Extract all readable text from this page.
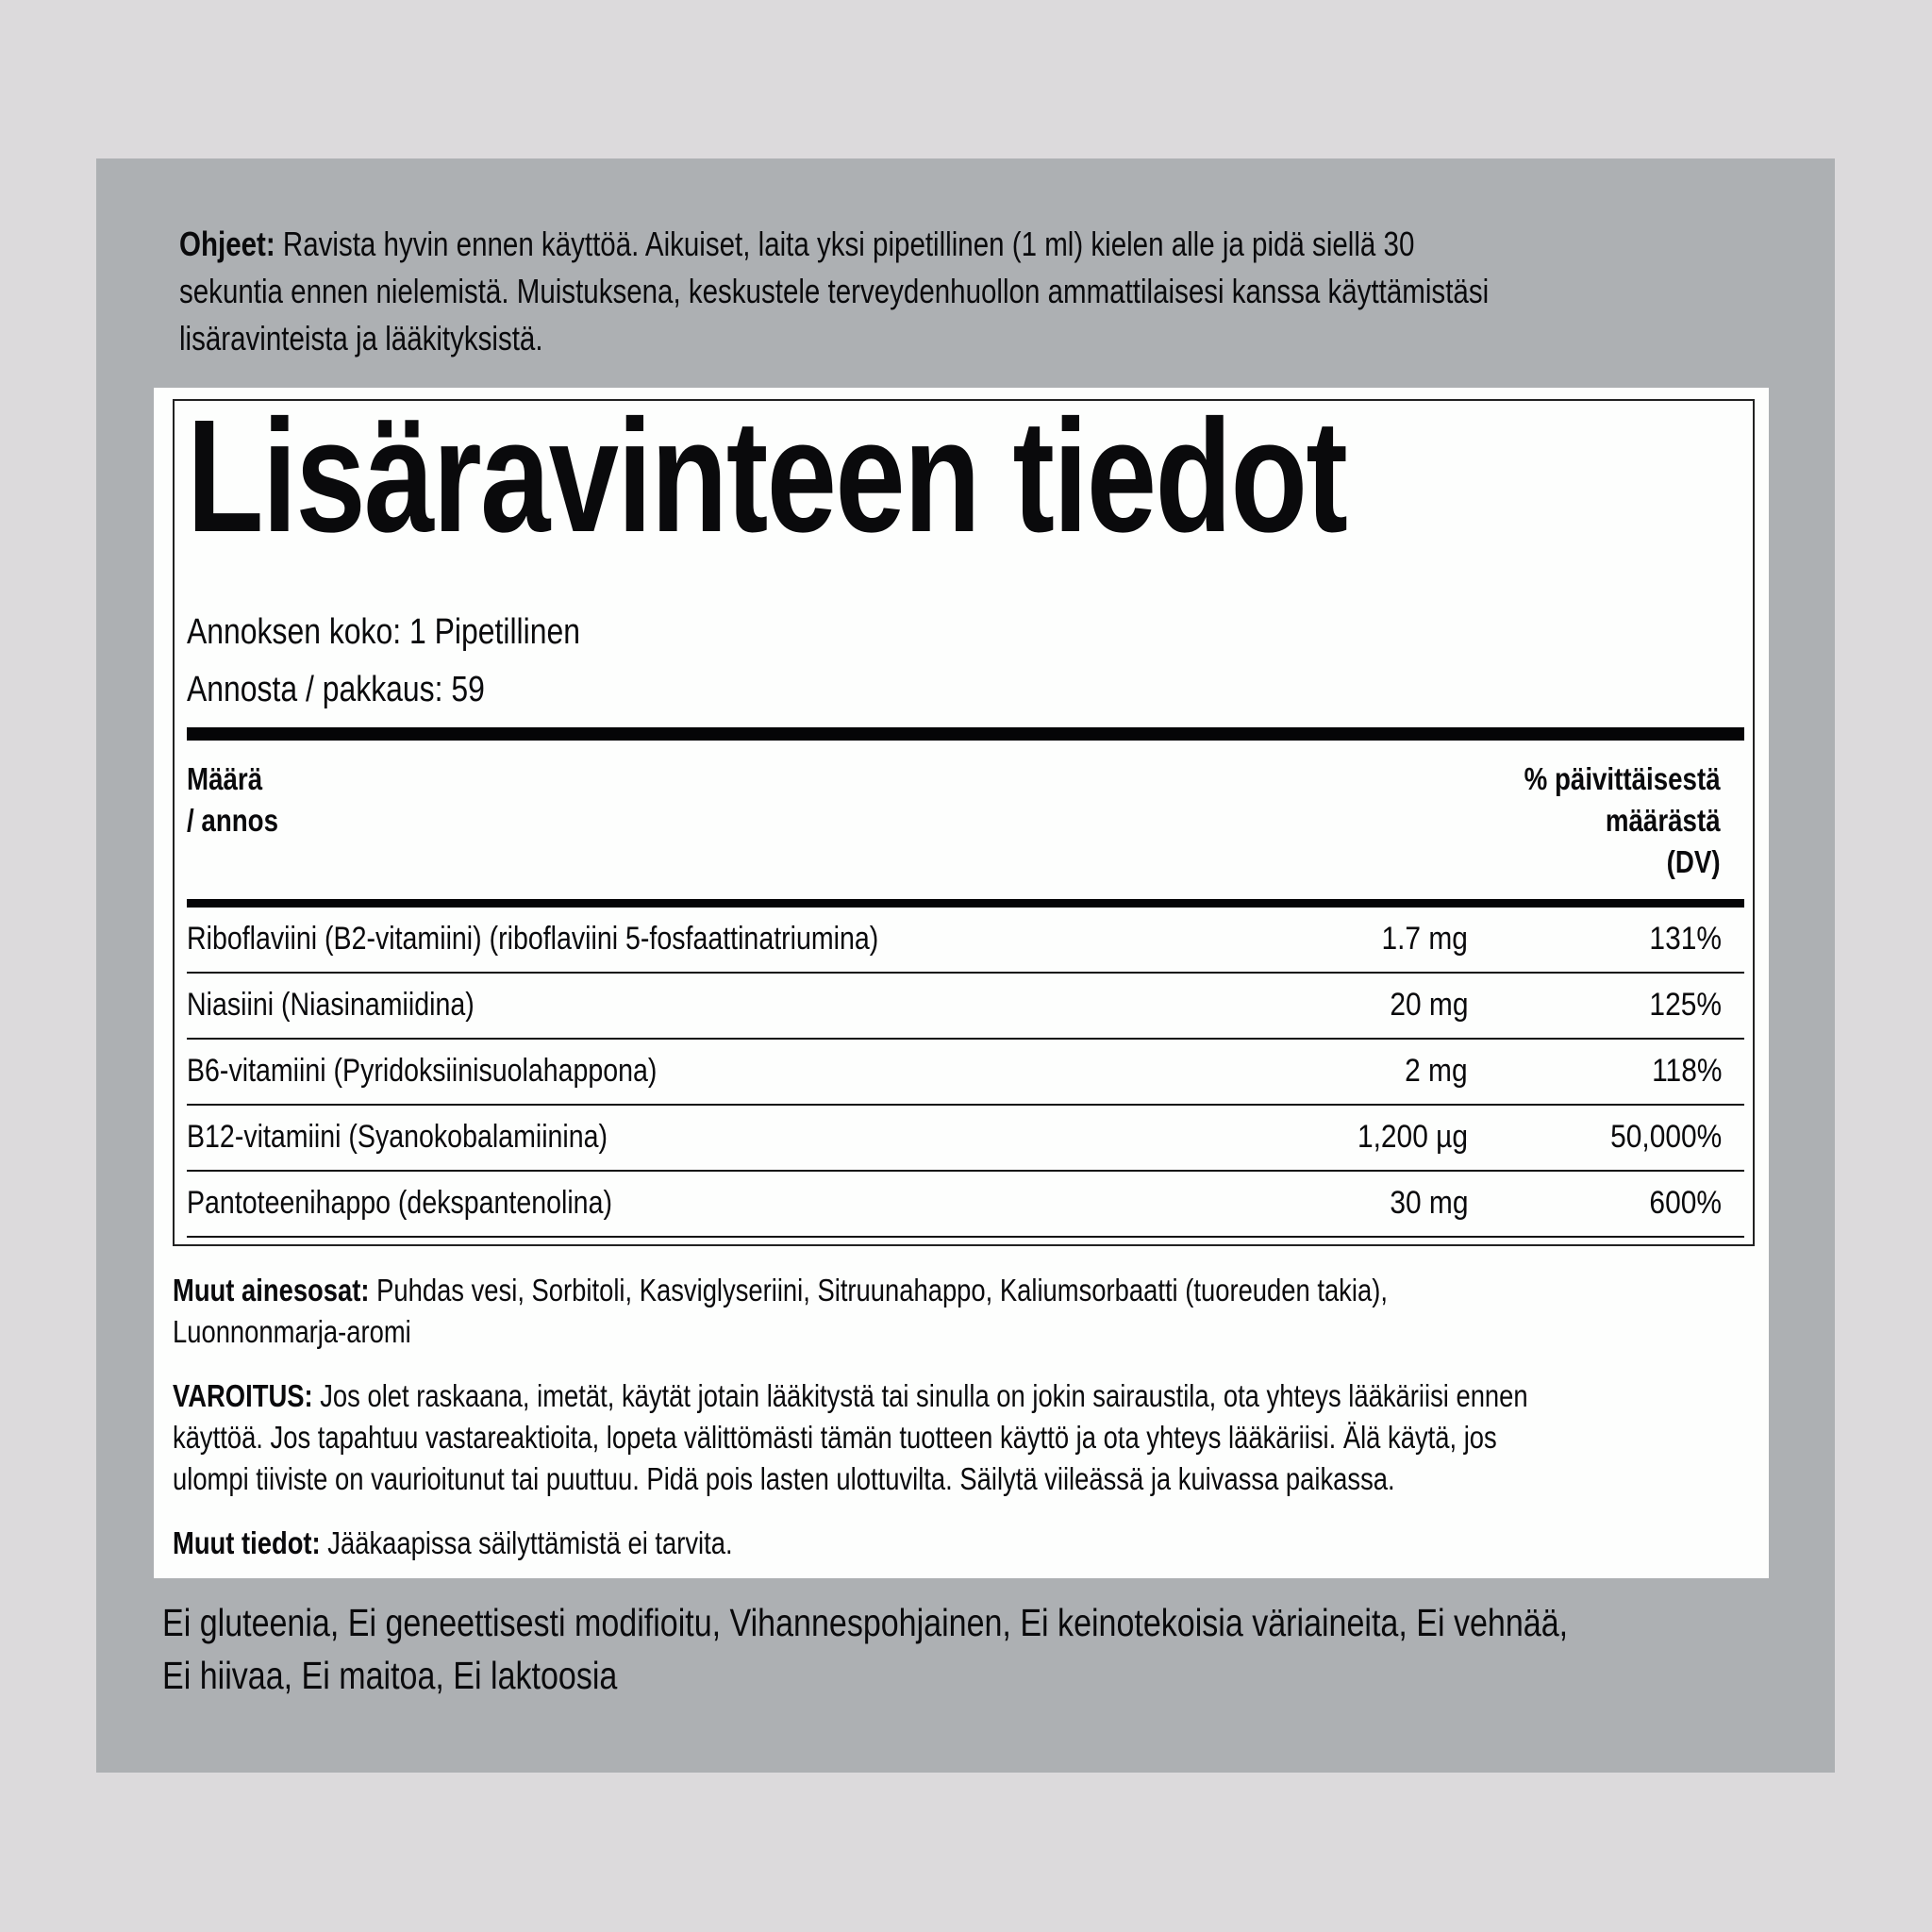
Ohjeet: Ravista hyvin ennen käyttöä. Aikuiset, laita yksi pipetillinen (1 ml) kielen alle ja pidä siellä 30
sekuntia ennen nielemistä. Muistuksena, keskustele terveydenhuollon ammattilaisesi kanssa käyttämistäsi
lisäravinteista ja lääkityksistä.
Lisäravinteen tiedot
Annoksen koko: 1 Pipetillinen
Annosta / pakkaus: 59
Määrä
/ annos
% päivittäisestä
määrästä
(DV)
Riboflaviini (B2-vitamiini) (riboflaviini 5-fosfaattinatriumina)	1.7 mg	131%
Niasiini (Niasinamiidina)	20 mg	125%
B6-vitamiini (Pyridoksiinisuolahappona)	2 mg	118%
B12-vitamiini (Syanokobalamiinina)	1,200 µg	50,000%
Pantoteenihappo (dekspantenolina)	30 mg	600%
Muut ainesosat: Puhdas vesi, Sorbitoli, Kasviglyseriini, Sitruunahappo, Kaliumsorbaatti (tuoreuden takia),
Luonnonmarja-aromi
VAROITUS: Jos olet raskaana, imetät, käytät jotain lääkitystä tai sinulla on jokin sairaustila, ota yhteys lääkäriisi ennen
käyttöä. Jos tapahtuu vastareaktioita, lopeta välittömästi tämän tuotteen käyttö ja ota yhteys lääkäriisi. Älä käytä, jos
ulompi tiiviste on vaurioitunut tai puuttuu. Pidä pois lasten ulottuvilta. Säilytä viileässä ja kuivassa paikassa.
Muut tiedot: Jääkaapissa säilyttämistä ei tarvita.
Ei gluteenia, Ei geneettisesti modifioitu, Vihannespohjainen, Ei keinotekoisia väriaineita, Ei vehnää,
Ei hiivaa, Ei maitoa, Ei laktoosia
